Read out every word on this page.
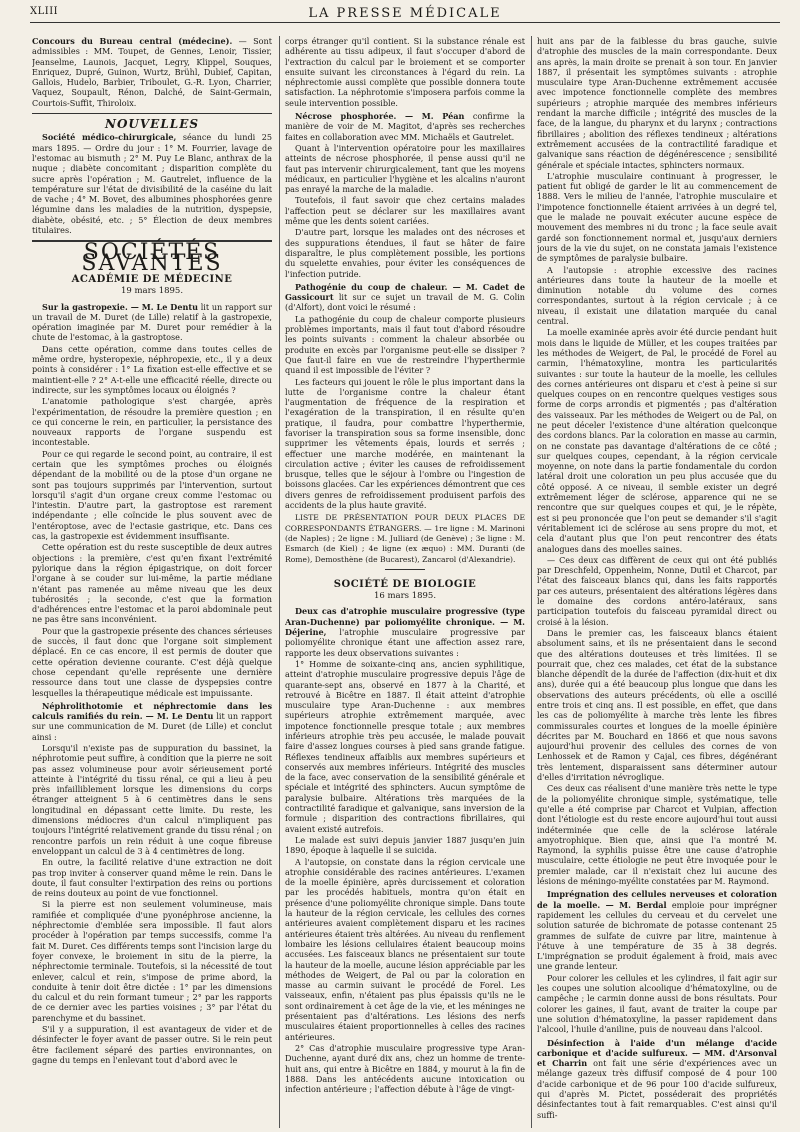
XLIII	LA PRESSE MÉDICALE

Concours du Bureau central (médecine). — Sont admissibles : MM. Toupet, de Gennes, Lenoir, Tissier, Jeanselme, Launois, Jacquet, Legry, Klippel, Souques, Enriquez, Dupré, Guinon, Wurtz, Brühl, Dubief, Capitan, Gallois, Hudelo, Barbier, Triboulet, G.-R. Lyon, Charrier, Vaquez, Soupault, Rénon, Dalché, de Saint-Germain, Courtois-Suffit, Thiroloix.

NOUVELLES

Société médico-chirurgicale, séance du lundi 25 mars 1895. — Ordre du jour : 1° M. Fourrier, lavage de l'estomac au bismuth ; 2° M. Puy Le Blanc, anthrax de la nuque ; diabète concomitant ; disparition complète du sucre après l'opération ; M. Gautrelet, influence de la température sur l'état de divisibilité de la caséine du lait de vache ; 4° M. Bovet, des albumines phosphorées genre légumine dans les maladies de la nutrition, dyspepsie, diabète, obésité, etc. ; 5° Élection de deux membres titulaires.

SOCIÉTÉS SAVANTES
ACADÉMIE DE MÉDECINE
19 mars 1895.

Sur la gastropexie. — M. Le Dentu lit un rapport sur un travail de M. Duret (de Lille) relatif à la gastropexie, opération imaginée par M. Duret pour remédier à la chute de l'estomac, à la gastroptose.

Dans cette opération, comme dans toutes celles de même ordre, hysteropexie, néphropexie, etc., il y a deux points à considérer : 1° La fixation est-elle effective et se maintient-elle ? 2° A-t-elle une efficacité réelle, directe ou indirecte, sur les symptômes locaux ou éloignés ?

L'anatomie pathologique s'est chargée, après l'expérimentation, de résoudre la première question ; en ce qui concerne le rein, en particulier, la persistance des nouveaux rapports de l'organe suspendu est incontestable.

Pour ce qui regarde le second point, au contraire, il est certain que les symptômes proches ou éloignés dépendant de la mobilité ou de la ptose d'un organe ne sont pas toujours supprimés par l'intervention, surtout lorsqu'il s'agit d'un organe creux comme l'estomac ou l'intestin. D'autre part, la gastroptose est rarement indépendante ; elle coïncide le plus souvent avec de l'entéroptose, avec de l'ectasie gastrique, etc. Dans ces cas, la gastropexie est évidemment insuffisante.

Cette opération est du reste susceptible de deux autres objections : la première, c'est qu'en fixant l'extrémité pylorique dans la région épigastrique, on doit forcer l'organe à se couder sur lui-même, la partie médiane n'étant pas ramenée au même niveau que les deux tubérosités ; la seconde, c'est que la formation d'adhérences entre l'estomac et la paroi abdominale peut ne pas être sans inconvénient.

Pour que la gastropexie présente des chances sérieuses de succès, il faut donc que l'organe soit simplement déplacé. En ce cas encore, il est permis de douter que cette opération devienne courante. C'est déjà quelque chose cependant qu'elle représente une dernière ressource dans tout une classe de dyspepsies contre lesquelles la thérapeutique médicale est impuissante.

Néphrolithotomie et néphrectomie dans les calculs ramifiés du rein. — M. Le Dentu lit un rapport sur une communication de M. Duret (de Lille) et conclut ainsi :

Lorsqu'il n'existe pas de suppuration du bassinet, la néphrotomie peut suffire, à condition que la pierre ne soit pas assez volumineuse pour avoir sérieusement porté atteinte à l'intégrité du tissu rénal, ce qui a lieu à peu près infailliblement lorsque les dimensions du corps étranger atteignent 5 à 6 centimètres dans le sens longitudinal en dépassant cette limite. Du reste, les dimensions médiocres d'un calcul n'impliquent pas toujours l'intégrité relativement grande du tissu rénal ; on rencontre parfois un rein réduit à une coque fibreuse enveloppant un calcul de 3 à 4 centimètres de long.

En outre, la facilité relative d'une extraction ne doit pas trop inviter à conserver quand même le rein. Dans le doute, il faut consulter l'extirpation des reins ou portions de reins douteux au point de vue fonctionnel.

Si la pierre est non seulement volumineuse, mais ramifiée et compliquée d'une pyonéphrose ancienne, la néphrectomie d'emblée sera impossible. Il faut alors procéder à l'opération par temps successifs, comme l'a fait M. Duret. Ces différents temps sont l'incision large du foyer convexe, le broiement in situ de la pierre, la néphrectomie terminale. Toutefois, si la nécessité de tout enlever, calcul et rein, s'impose de prime abord, la conduite à tenir doit être dictée : 1° par les dimensions du calcul et du rein formant tumeur ; 2° par les rapports de ce dernier avec les parties voisines ; 3° par l'état du parenchyme et du bassinet.

S'il y a suppuration, il est avantageux de vider et de désinfecter le foyer avant de passer outre. Si le rein peut être facilement séparé des parties environnantes, on gagne du temps en l'enlevant tout d'abord avec le

corps étranger qu'il contient. Si la substance rénale est adhérente au tissu adipeux, il faut s'occuper d'abord de l'extraction du calcul par le broiement et se comporter ensuite suivant les circonstances à l'égard du rein. La néphrectomie aussi complète que possible donnera toute satisfaction. La néphrotomie s'imposera parfois comme la seule intervention possible.

Nécrose phosphorée. — M. Péan confirme la manière de voir de M. Magitot, d'après ses recherches faites en collaboration avec MM. Michaëls et Gautrelet.

Quant à l'intervention opératoire pour les maxillaires atteints de nécrose phosphorée, il pense aussi qu'il ne faut pas intervenir chirurgicalement, tant que les moyens médicaux, en particulier l'hygiène et les alcalins n'auront pas enrayé la marche de la maladie.

Toutefois, il faut savoir que chez certains malades l'affection peut se déclarer sur les maxillaires avant même que les dents soient cariées.

D'autre part, lorsque les malades ont des nécroses et des suppurations étendues, il faut se hâter de faire disparaître, le plus complètement possible, les portions du squelette envahies, pour éviter les conséquences de l'infection putride.

Pathogénie du coup de chaleur. — M. Cadet de Gassicourt lit sur ce sujet un travail de M. G. Colin (d'Alfort), dont voici le résumé :

La pathogénie du coup de chaleur comporte plusieurs problèmes importants, mais il faut tout d'abord résoudre les points suivants : comment la chaleur absorbée ou produite en excès par l'organisme peut-elle se dissiper ? Que faut-il faire en vue de restreindre l'hyperthermie quand il est impossible de l'éviter ?

Les facteurs qui jouent le rôle le plus important dans la lutte de l'organisme contre la chaleur étant l'augmentation de fréquence de la respiration et l'exagération de la transpiration, il en résulte qu'en pratique, il faudra, pour combattre l'hyperthermie, favoriser la transpiration sous sa forme insensible, donc supprimer les vêtements épais, lourds et serrés ; effectuer une marche modérée, en maintenant la circulation active ; éviter les causes de refroidissement brusque, telles que le séjour à l'ombre ou l'ingestion de boissons glacées. Car les expériences démontrent que ces divers genres de refroidissement produisent parfois des accidents de la plus haute gravité.

LISTE DE PRÉSENTATION POUR DEUX PLACES DE CORRESPONDANTS ÉTRANGERS. — 1re ligne : M. Marinoni (de Naples) ; 2e ligne : M. Julliard (de Genève) ; 3e ligne : M. Esmarch (de Kiel) ; 4e ligne (ex æquo) : MM. Duranti (de Rome), Demosthène (de Bucarest), Zancarol (d'Alexandrie).

SOCIÉTÉ DE BIOLOGIE
16 mars 1895.

Deux cas d'atrophie musculaire progressive (type Aran-Duchenne) par poliomyélite chronique. — M. Déjerine, l'atrophie musculaire progressive par poliomyélite chronique étant une affection assez rare, rapporte les deux observations suivantes :

1° Homme de soixante-cinq ans, ancien syphilitique, atteint d'atrophie musculaire progressive depuis l'âge de quarante-sept ans, observé en 1877 à la Charité, et retrouvé à Bicêtre en 1887. Il était atteint d'atrophie musculaire type Aran-Duchenne : aux membres supérieurs atrophie extrêmement marquée, avec impotence fonctionnelle presque totale ; aux membres inférieurs atrophie très peu accusée, le malade pouvait faire d'assez longues courses à pied sans grande fatigue. Réflexes tendineux affaiblis aux membres supérieurs et conservés aux membres inférieurs. Intégrité des muscles de la face, avec conservation de la sensibilité générale et spéciale et intégrité des sphincters. Aucun symptôme de paralysie bulbaire. Altérations très marquées de la contractilité faradique et galvanique, sans inversion de la formule ; disparition des contractions fibrillaires, qui avaient existé autrefois.

Le malade est suivi depuis janvier 1887 jusqu'en juin 1890, époque à laquelle il se suicida.

A l'autopsie, on constate dans la région cervicale une atrophie considérable des racines antérieures. L'examen de la moelle épinière, après durcissement et coloration par les procédés habituels, montra qu'on était en présence d'une poliomyélite chronique simple. Dans toute la hauteur de la région cervicale, les cellules des cornes antérieures avaient complètement disparu et les racines antérieures étaient très altérées. Au niveau du renflement lombaire les lésions cellulaires étaient beaucoup moins accusées. Les faisceaux blancs ne présentaient sur toute la hauteur de la moelle, aucune lésion appréciable par les méthodes de Weigert, de Pal ou par la coloration en masse au carmin suivant le procédé de Forel. Les vaisseaux, enfin, n'étaient pas plus épaissis qu'ils ne le sont ordinairement à cet âge de la vie, et les méninges ne présentaient pas d'altérations. Les lésions des nerfs musculaires étaient proportionnelles à celles des racines antérieures.

2° Cas d'atrophie musculaire progressive type Aran-Duchenne, ayant duré dix ans, chez un homme de trente-huit ans, qui entre à Bicêtre en 1884, y mourut à la fin de 1888. Dans les antécédents aucune intoxication ou infection antérieure ; l'affection débute à l'âge de vingt-

huit ans par de la faiblesse du bras gauche, suivie d'atrophie des muscles de la main correspondante. Deux ans après, la main droite se prenait à son tour. En janvier 1887, il présentait les symptômes suivants : atrophie musculaire type Aran-Duchenne extrêmement accusée avec impotence fonctionnelle complète des membres supérieurs ; atrophie marquée des membres inférieurs rendant la marche difficile ; intégrité des muscles de la face, de la langue, du pharynx et du larynx ; contractions fibrillaires ; abolition des réflexes tendineux ; altérations extrêmement accusées de la contractilité faradique et galvanique sans réaction de dégénérescence ; sensibilité générale et spéciale intactes, sphincters normaux.

L'atrophie musculaire continuant à progresser, le patient fut obligé de garder le lit au commencement de 1888. Vers le milieu de l'année, l'atrophie musculaire et l'impotence fonctionnelle étaient arrivées à un degré tel, que le malade ne pouvait exécuter aucune espèce de mouvement des membres ni du tronc ; la face seule avait gardé son fonctionnement normal et, jusqu'aux derniers jours de la vie du sujet, on ne constata jamais l'existence de symptômes de paralysie bulbaire.

A l'autopsie : atrophie excessive des racines antérieures dans toute la hauteur de la moelle et diminution notable du volume des cornes correspondantes, surtout à la région cervicale ; à ce niveau, il existait une dilatation marquée du canal central.

La moelle examinée après avoir été durcie pendant huit mois dans le liquide de Müller, et les coupes traitées par les méthodes de Weigert, de Pal, le procédé de Forel au carmin, l'hématoxyline, montra les particularités suivantes : sur toute la hauteur de la moelle, les cellules des cornes antérieures ont disparu et c'est à peine si sur quelques coupes on en rencontre quelques vestiges sous forme de corps arrondis et pigmentés ; pas d'altération des vaisseaux. Par les méthodes de Weigert ou de Pal, on ne peut déceler l'existence d'une altération quelconque des cordons blancs. Par la coloration en masse au carmin, on ne constate pas davantage d'altérations de ce côté ; sur quelques coupes, cependant, à la région cervicale moyenne, on note dans la partie fondamentale du cordon latéral droit une coloration un peu plus accusée que du côté opposé. A ce niveau, il semble exister un degré extrêmement léger de sclérose, apparence qui ne se rencontre que sur quelques coupes et qui, je le répète, est si peu prononcée que l'on peut se demander s'il s'agit véritablement ici de sclérose au sens propre du mot, et cela d'autant plus que l'on peut rencontrer des états analogues dans des moelles saines.

— Ces deux cas diffèrent de ceux qui ont été publiés par Dreschfeld, Oppenheim, Nonne, Dutil et Charcot, par l'état des faisceaux blancs qui, dans les faits rapportés par ces auteurs, présentaient des altérations légères dans le domaine des cordons antéro-latéraux, sans participation toutefois du faisceau pyramidal direct ou croisé à la lésion.

Dans le premier cas, les faisceaux blancs étaient absolument sains, et ils ne présentaient dans le second que des altérations douteuses et très limitées. Il se pourrait que, chez ces malades, cet état de la substance blanche dépendît de la durée de l'affection (dix-huit et dix ans), durée qui a été beaucoup plus longue que dans les observations des auteurs précédents, où elle a oscillé entre trois et cinq ans. Il est possible, en effet, que dans les cas de poliomyélite à marche très lente les fibres commissurales courtes et longues de la moelle épinière décrites par M. Bouchard en 1866 et que nous savons aujourd'hui provenir des cellules des cornes de von Lenhossek et de Ramon y Cajal, ces fibres, dégénérant très lentement, disparaissent sans déterminer autour d'elles d'irritation névroglique.

Ces deux cas réalisent d'une manière très nette le type de la poliomyélite chronique simple, systématique, telle qu'elle a été comprise par Charcot et Vulpian, affection dont l'étiologie est du reste encore aujourd'hui tout aussi indéterminée que celle de la sclérose latérale amyotrophique. Bien que, ainsi que l'a montré M. Raymond, la syphilis puisse être une cause d'atrophie musculaire, cette étiologie ne peut être invoquée pour le premier malade, car il n'existait chez lui aucune des lésions de méningo-myélite constatées par M. Raymond.

Imprégnation des cellules nerveuses et coloration de la moelle. — M. Berdal emploie pour imprégner rapidement les cellules du cerveau et du cervelet une solution saturée de bichromate de potasse contenant 25 grammes de sulfate de cuivre par litre, maintenue à l'étuve à une température de 35 à 38 degrés. L'imprégnation se produit également à froid, mais avec une grande lenteur.

Pour colorer les cellules et les cylindres, il fait agir sur les coupes une solution alcoolique d'hématoxyline, ou de campêche ; le carmin donne aussi de bons résultats. Pour colorer les gaines, il faut, avant de traiter la coupe par une solution d'hématoxyline, la passer rapidement dans l'alcool, l'huile d'aniline, puis de nouveau dans l'alcool.

Désinfection à l'aide d'un mélange d'acide carbonique et d'acide sulfureux. — MM. d'Arsonval et Charrin ont fait une série d'expériences avec un mélange gazeux très diffusif composé de 4 pour 100 d'acide carbonique et de 96 pour 100 d'acide sulfureux, qui d'après M. Pictet, posséderait des propriétés désinfectantes tout à fait remarquables. C'est ainsi qu'il suffi-
